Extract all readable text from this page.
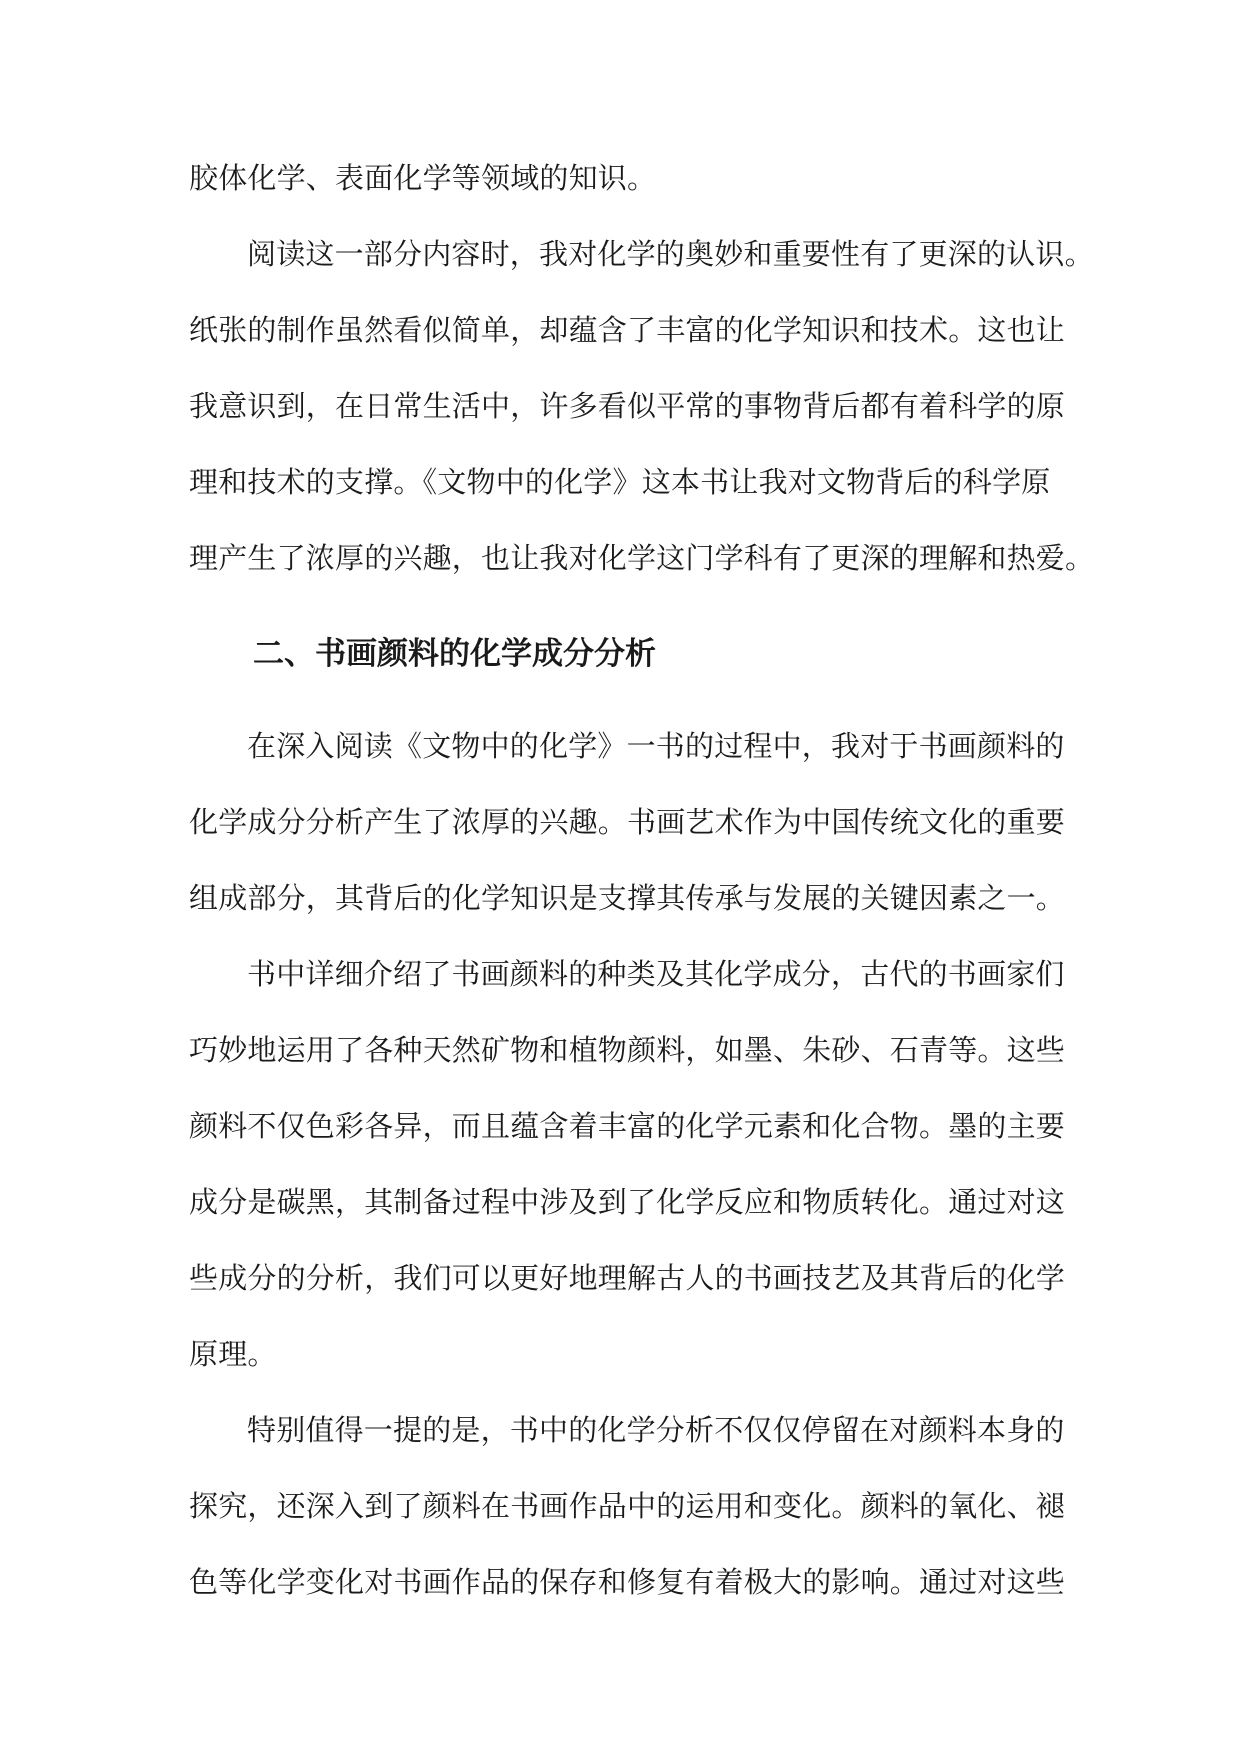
胶体化学、表面化学等领域的知识。
阅读这一部分内容时，我对化学的奥妙和重要性有了更深的认识。
纸张的制作虽然看似简单，却蕴含了丰富的化学知识和技术。这也让
我意识到，在日常生活中，许多看似平常的事物背后都有着科学的原
理和技术的支撑。《文物中的化学》这本书让我对文物背后的科学原
理产生了浓厚的兴趣，也让我对化学这门学科有了更深的理解和热爱。
二、书画颜料的化学成分分析
在深入阅读《文物中的化学》一书的过程中，我对于书画颜料的
化学成分分析产生了浓厚的兴趣。书画艺术作为中国传统文化的重要
组成部分，其背后的化学知识是支撑其传承与发展的关键因素之一。
书中详细介绍了书画颜料的种类及其化学成分，古代的书画家们
巧妙地运用了各种天然矿物和植物颜料，如墨、朱砂、石青等。这些
颜料不仅色彩各异，而且蕴含着丰富的化学元素和化合物。墨的主要
成分是碳黑，其制备过程中涉及到了化学反应和物质转化。通过对这
些成分的分析，我们可以更好地理解古人的书画技艺及其背后的化学
原理。
特别值得一提的是，书中的化学分析不仅仅停留在对颜料本身的
探究，还深入到了颜料在书画作品中的运用和变化。颜料的氧化、褪
色等化学变化对书画作品的保存和修复有着极大的影响。通过对这些
